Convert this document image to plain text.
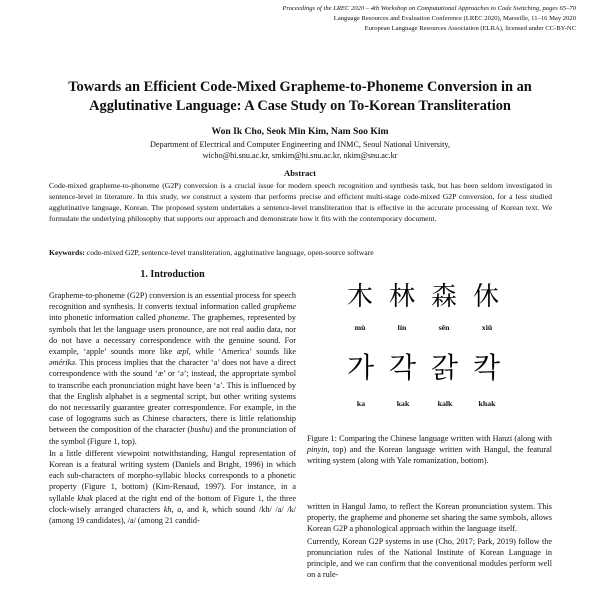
Proceedings of the LREC 2020 – 4th Workshop on Computational Approaches to Code Switching, pages 65–70
Language Resources and Evaluation Conference (LREC 2020), Marseille, 11–16 May 2020
European Language Resources Association (ELRA), licensed under CC-BY-NC
Towards an Efficient Code-Mixed Grapheme-to-Phoneme Conversion in an
Agglutinative Language: A Case Study on To-Korean Transliteration
Won Ik Cho, Seok Min Kim, Nam Soo Kim
Department of Electrical and Computer Engineering and INMC, Seoul National University,
wicho@hi.snu.ac.kr, smkim@hi.snu.ac.kr, nkim@snu.ac.kr
Abstract
Code-mixed grapheme-to-phoneme (G2P) conversion is a crucial issue for modern speech recognition and synthesis task, but has been seldom investigated in sentence-level in literature. In this study, we construct a system that performs precise and efficient multi-stage code-mixed G2P conversion, for a less studied agglutinative language, Korean. The proposed system undertakes a sentence-level transliteration that is effective in the accurate processing of Korean text. We formulate the underlying philosophy that supports our approach and demonstrate how it fits with the contemporary document.
Keywords: code-mixed G2P, sentence-level transliteration, agglutinative language, open-source software
1. Introduction

Grapheme-to-phoneme (G2P) conversion is an essential process for speech recognition and synthesis. It converts textual information called grapheme into phonetic information called phoneme. The graphemes, represented by symbols that let the language users pronounce, are not real audio data, nor do not have a necessary correspondence with the genuine sound. For example, ‘apple’ sounds more like æpl, while ‘America’ sounds like əmérikə. This process implies that the character ‘a’ does not have a direct correspondence with the sound ‘æ’ or ‘ə’; instead, the appropriate symbol to transcribe each pronunciation might have been ‘a’. This is influenced by that the English alphabet is a segmental script, but other writing systems do not necessarily guarantee greater correspondence. For example, in the case of logograms such as Chinese characters, there is little relationship between the composition of the character (bushu) and the pronunciation of the symbol (Figure 1, top).

In a little different viewpoint notwithstanding, Hangul representation of Korean is a featural writing system (Daniels and Bright, 1996) in which each sub-characters of morpho-syllabic blocks corresponds to a phonetic property (Figure 1, bottom) (Kim-Renaud, 1997). For instance, in a syllable khak placed at the right end of the bottom of Figure 1, the three clock-wisely arranged characters kh, a, and k, which sound /kh/ /a/ /k/ (among 19 candidates), /a/ (among 21 candid-

木 林 森 休
mù	lín	sēn	xiū
가 각 갉 칵
ka	kak	kalk	khak
Figure 1: Comparing the Chinese language written with Hanzi (along with pinyin, top) and the Korean language written with Hangul, the featural writing system (along with Yale romanization, bottom).

written in Hangul Jamo, to reflect the Korean pronunciation system. This property, the grapheme and phoneme set sharing the same symbols, allows Korean G2P a phonological approach within the language itself.

Currently, Korean G2P systems in use (Cho, 2017; Park, 2019) follow the pronunciation rules of the National Institute of Korean Language in principle, and we can confirm that the conventional modules perform well on a rule-
